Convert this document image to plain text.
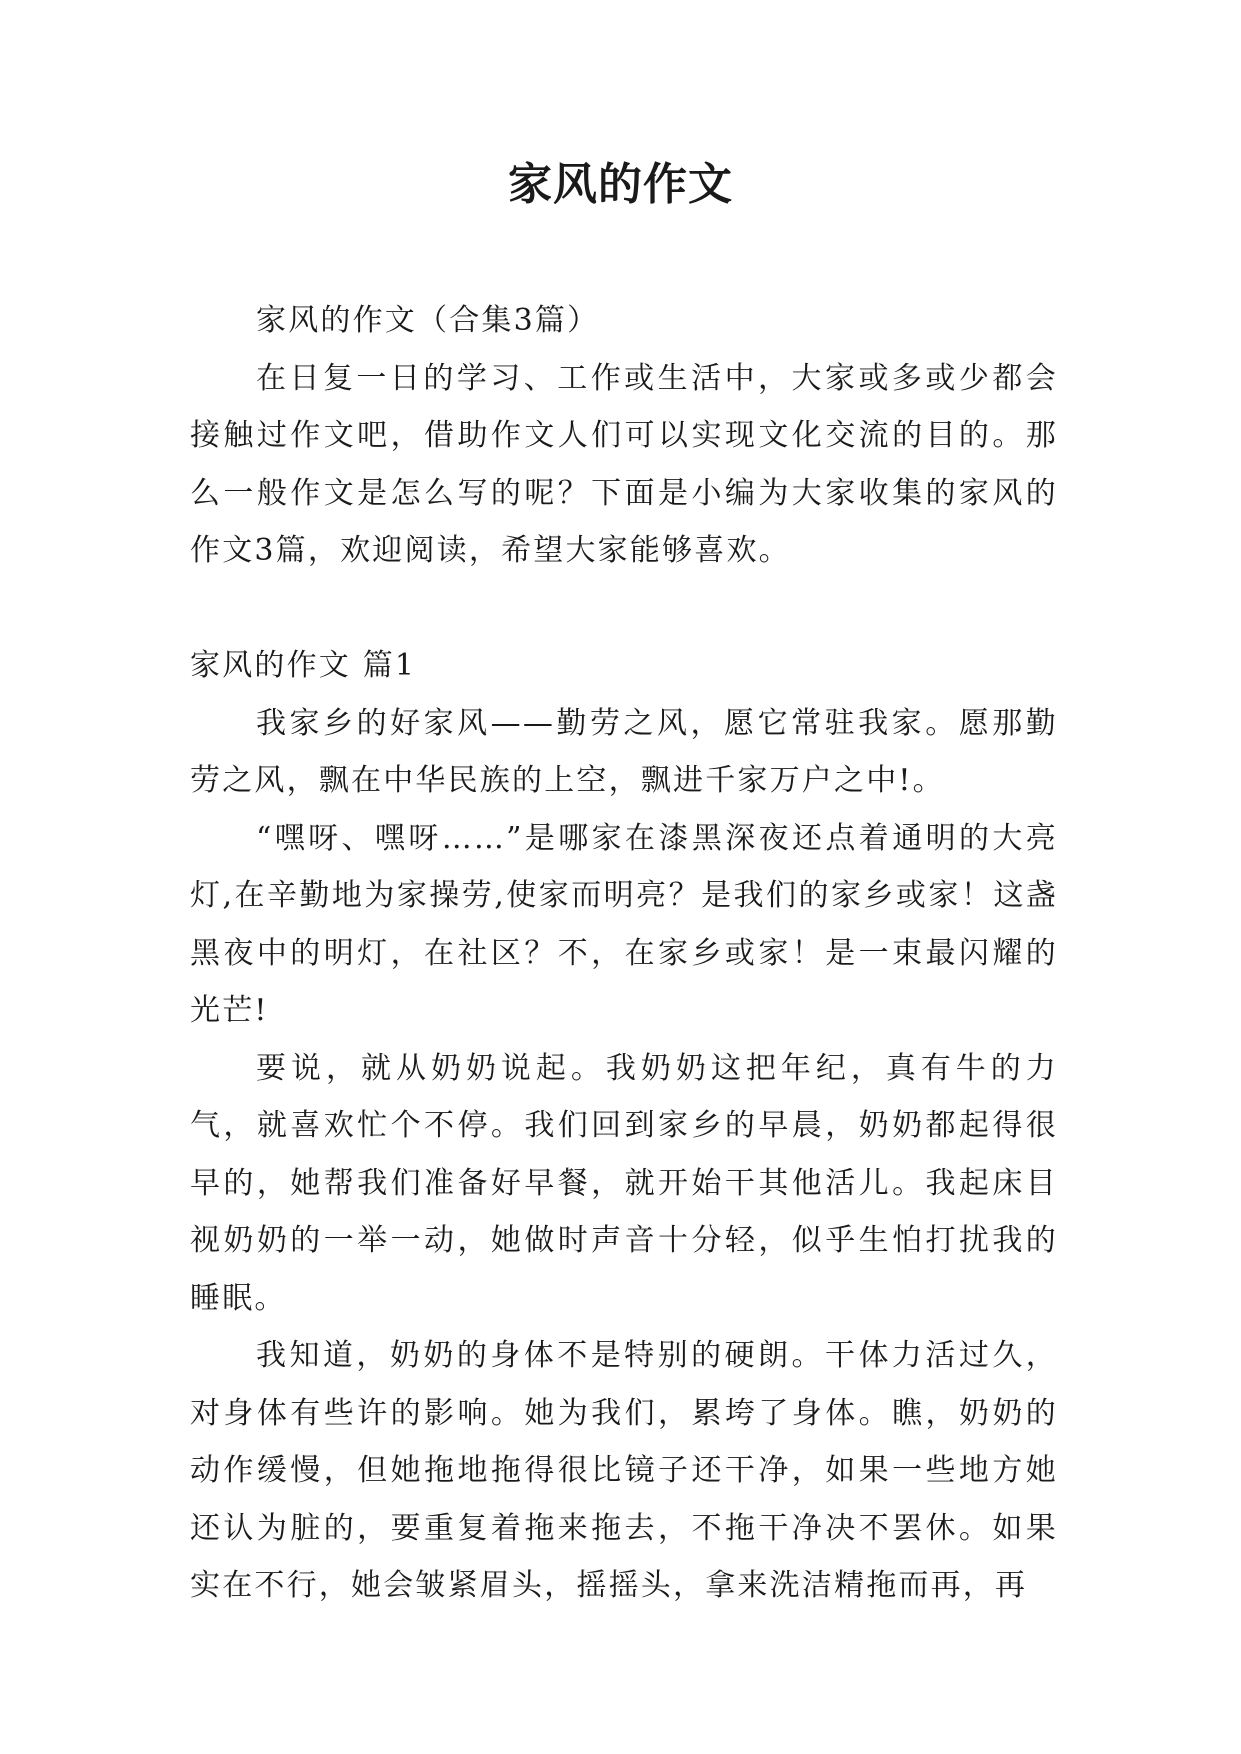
家风的作文

家风的作文（合集3篇）

在日复一日的学习、工作或生活中，大家或多或少都会接触过作文吧，借助作文人们可以实现文化交流的目的。那么一般作文是怎么写的呢？下面是小编为大家收集的家风的作文3篇，欢迎阅读，希望大家能够喜欢。

家风的作文 篇1

我家乡的好家风——勤劳之风，愿它常驻我家。愿那勤劳之风，飘在中华民族的上空，飘进千家万户之中!。

“嘿呀、嘿呀……”是哪家在漆黑深夜还点着通明的大亮灯,在辛勤地为家操劳,使家而明亮？是我们的家乡或家！这盏黑夜中的明灯，在社区？不，在家乡或家！是一束最闪耀的光芒!

要说，就从奶奶说起。我奶奶这把年纪，真有牛的力气，就喜欢忙个不停。我们回到家乡的早晨，奶奶都起得很早的，她帮我们准备好早餐，就开始干其他活儿。我起床目视奶奶的一举一动，她做时声音十分轻，似乎生怕打扰我的睡眠。

我知道，奶奶的身体不是特别的硬朗。干体力活过久，对身体有些许的影响。她为我们，累垮了身体。瞧，奶奶的动作缓慢，但她拖地拖得很比镜子还干净，如果一些地方她还认为脏的，要重复着拖来拖去，不拖干净决不罢休。如果实在不行，她会皱紧眉头，摇摇头，拿来洗洁精拖而再，再
